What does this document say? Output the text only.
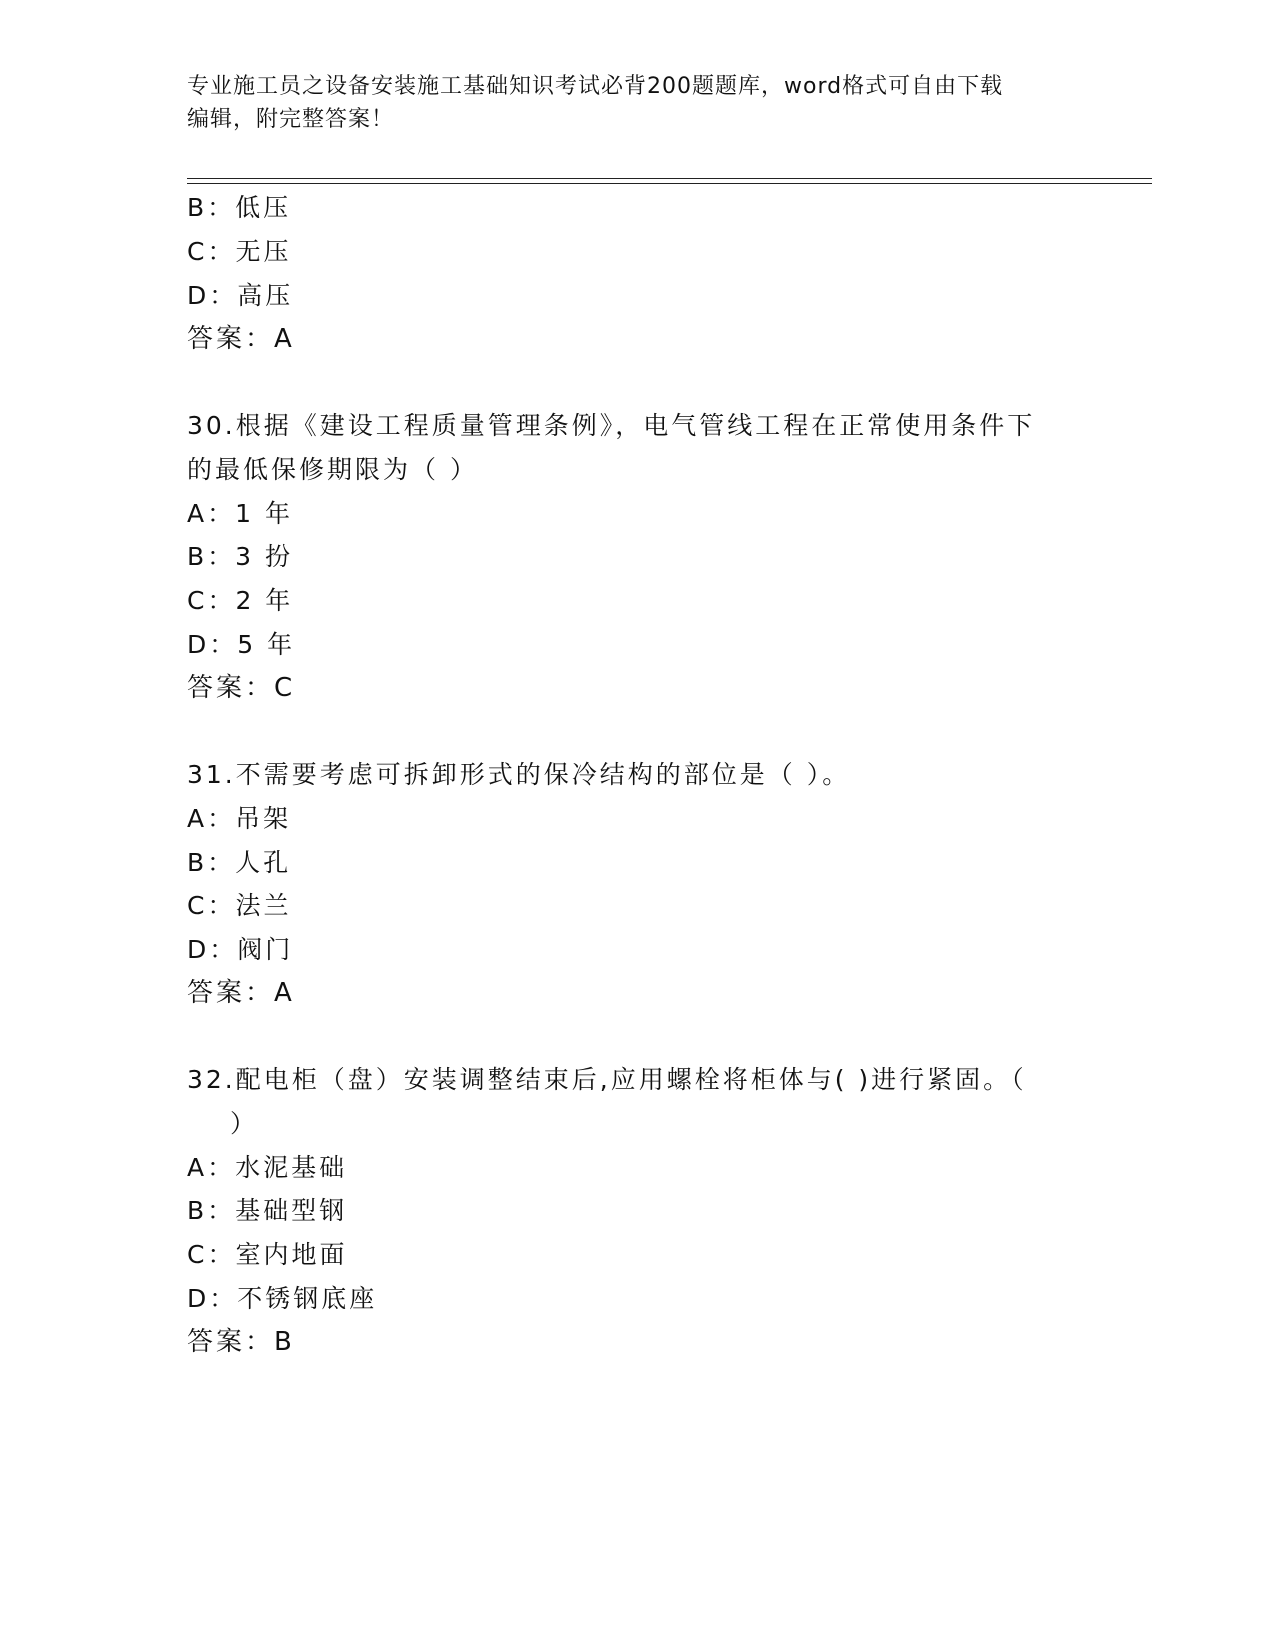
专业施工员之设备安装施工基础知识考试必背200题题库，word格式可自由下载
编辑，附完整答案！
B：低压
C：无压
D：高压
答案：A
30.根据《建设工程质量管理条例》，电气管线工程在正常使用条件下
的最低保修期限为（ ）
A：1 年
B：3 扮
C：2 年
D：5 年
答案：C
31.不需要考虑可拆卸形式的保冷结构的部位是（ ）。
A：吊架
B：人孔
C：法兰
D：阀门
答案：A
32.配电柜（盘）安装调整结束后,应用螺栓将柜体与( )进行紧固。（
）
A：水泥基础
B：基础型钢
C：室内地面
D：不锈钢底座
答案：B
